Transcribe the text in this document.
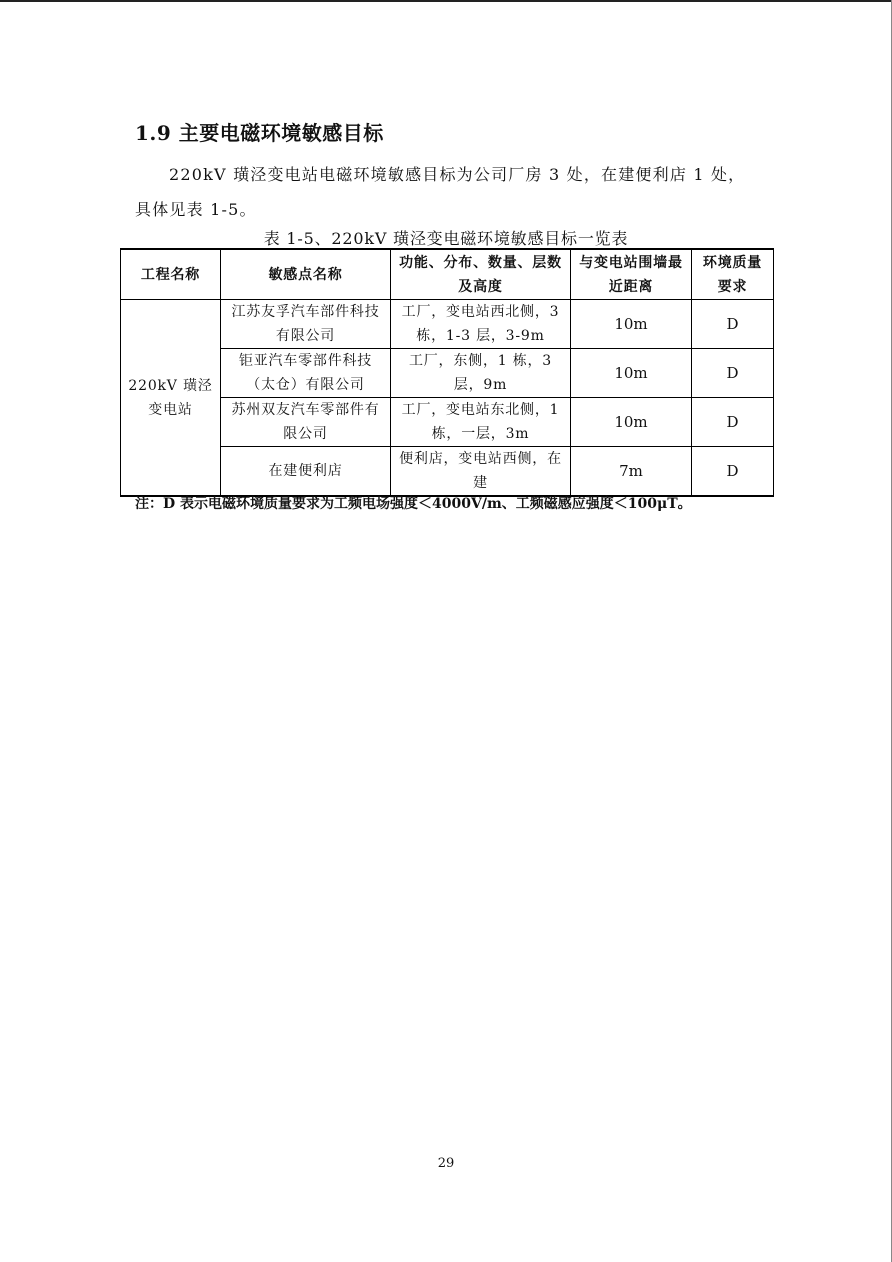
1.9 主要电磁环境敏感目标

220kV 璜泾变电站电磁环境敏感目标为公司厂房 3 处，在建便利店 1 处，具体见表 1-5。

表 1-5、220kV 璜泾变电磁环境敏感目标一览表
工程名称	敏感点名称	功能、分布、数量、层数及高度	与变电站围墙最近距离	环境质量要求
220kV 璜泾变电站	江苏友孚汽车部件科技有限公司	工厂，变电站西北侧，3 栋，1-3 层，3-9m	10m	D
	钜亚汽车零部件科技（太仓）有限公司	工厂，东侧，1 栋，3 层，9m	10m	D
	苏州双友汽车零部件有限公司	工厂，变电站东北侧，1 栋，一层，3m	10m	D
	在建便利店	便利店，变电站西侧，在建	7m	D
注：D 表示电磁环境质量要求为工频电场强度＜4000V/m、工频磁感应强度＜100μT。
29
